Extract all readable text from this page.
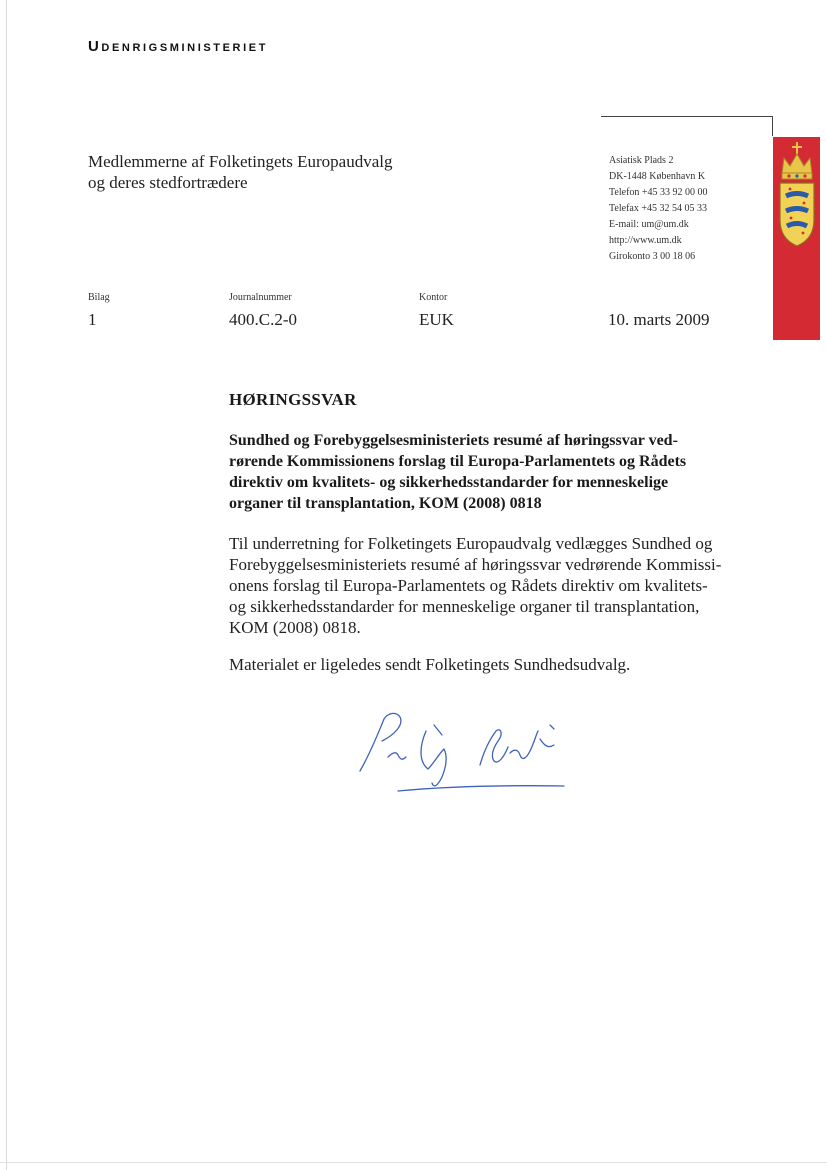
Udenrigsministeriet
Medlemmerne af Folketingets Europaudvalg
og deres stedfortrædere
Asiatisk Plads 2
DK-1448 København K
Telefon +45 33 92 00 00
Telefax +45 32 54 05 33
E-mail: um@um.dk
http://www.um.dk
Girokonto 3 00 18 06
Bilag
1
Journalnummer
400.C.2-0
Kontor
EUK	10. marts 2009
HØRINGSSVAR
Sundhed og Forebyggelsesministeriets resumé af høringssvar ved-
rørende Kommissionens forslag til Europa-Parlamentets og Rådets
direktiv om kvalitets- og sikkerhedsstandarder for menneskelige
organer til transplantation, KOM (2008) 0818
Til underretning for Folketingets Europaudvalg vedlægges Sundhed og
Forebyggelsesministeriets resumé af høringssvar vedrørende Kommissi-
onens forslag til Europa-Parlamentets og Rådets direktiv om kvalitets-
og sikkerhedsstandarder for menneskelige organer til transplantation,
KOM (2008) 0818.
Materialet er ligeledes sendt Folketingets Sundhedsudvalg.
